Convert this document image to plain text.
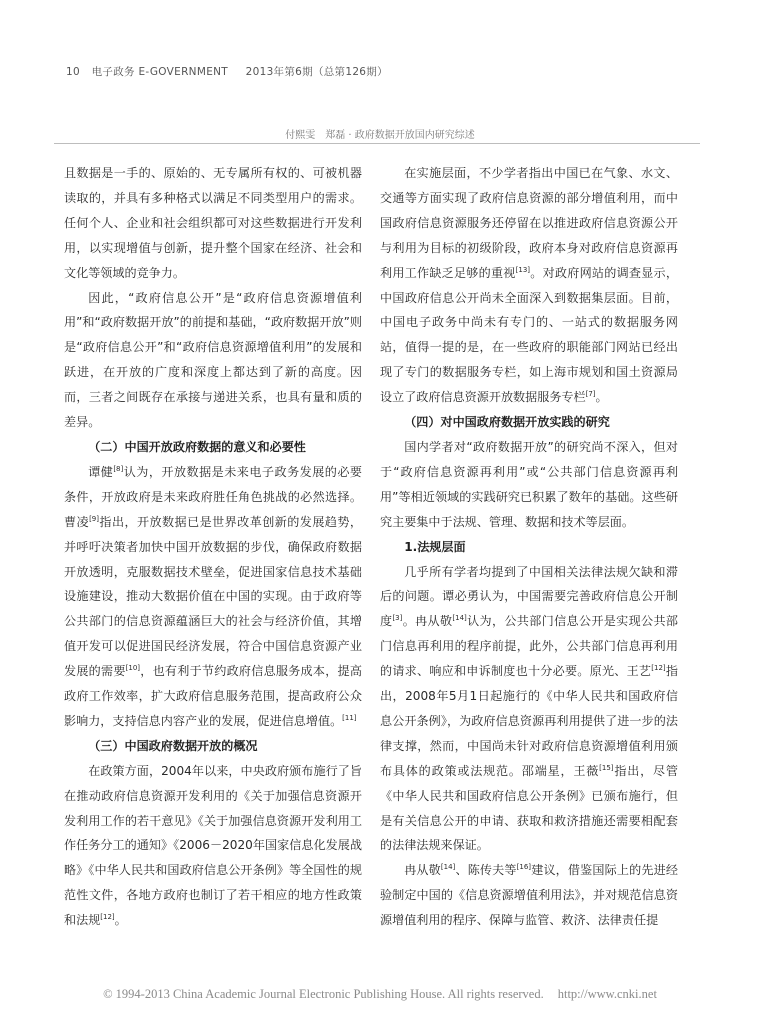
10 电子政务 E-GOVERNMENT 2013年第6期（总第126期）
付熙雯　郑磊 · 政府数据开放国内研究综述

且数据是一手的、原始的、无专属所有权的、可被机器读取的，并具有多种格式以满足不同类型用户的需求。任何个人、企业和社会组织都可对这些数据进行开发利用，以实现增值与创新，提升整个国家在经济、社会和文化等领域的竞争力。

因此，“政府信息公开”是“政府信息资源增值利用”和“政府数据开放”的前提和基础，“政府数据开放”则是“政府信息公开”和“政府信息资源增值利用”的发展和跃进，在开放的广度和深度上都达到了新的高度。因而，三者之间既存在承接与递进关系，也具有量和质的差异。

（二）中国开放政府数据的意义和必要性

谭健[8]认为，开放数据是未来电子政务发展的必要条件，开放政府是未来政府胜任角色挑战的必然选择。曹凌[9]指出，开放数据已是世界改革创新的发展趋势，并呼吁决策者加快中国开放数据的步伐，确保政府数据开放透明，克服数据技术壁垒，促进国家信息技术基础设施建设，推动大数据价值在中国的实现。由于政府等公共部门的信息资源蕴涵巨大的社会与经济价值，其增值开发可以促进国民经济发展，符合中国信息资源产业发展的需要[10]，也有利于节约政府信息服务成本，提高政府工作效率，扩大政府信息服务范围，提高政府公众影响力，支持信息内容产业的发展，促进信息增值。[11]

（三）中国政府数据开放的概况

在政策方面，2004年以来，中央政府颁布施行了旨在推动政府信息资源开发利用的《关于加强信息资源开发利用工作的若干意见》《关于加强信息资源开发利用工作任务分工的通知》《2006－2020年国家信息化发展战略》《中华人民共和国政府信息公开条例》等全国性的规范性文件，各地方政府也制订了若干相应的地方性政策和法规[12]。

在实施层面，不少学者指出中国已在气象、水文、交通等方面实现了政府信息资源的部分增值利用，而中国政府信息资源服务还停留在以推进政府信息资源公开与利用为目标的初级阶段，政府本身对政府信息资源再利用工作缺乏足够的重视[13]。对政府网站的调查显示，中国政府信息公开尚未全面深入到数据集层面。目前，中国电子政务中尚未有专门的、一站式的数据服务网站，值得一提的是，在一些政府的职能部门网站已经出现了专门的数据服务专栏，如上海市规划和国土资源局设立了政府信息资源开放数据服务专栏[7]。

（四）对中国政府数据开放实践的研究

国内学者对“政府数据开放”的研究尚不深入，但对于“政府信息资源再利用”或“公共部门信息资源再利用”等相近领域的实践研究已积累了数年的基础。这些研究主要集中于法规、管理、数据和技术等层面。

1.法规层面

几乎所有学者均提到了中国相关法律法规欠缺和滞后的问题。谭必勇认为，中国需要完善政府信息公开制度[3]。冉从敬[14]认为，公共部门信息公开是实现公共部门信息再利用的程序前提，此外，公共部门信息再利用的请求、响应和申诉制度也十分必要。原光、王艺[12]指出，2008年5月1日起施行的《中华人民共和国政府信息公开条例》，为政府信息资源再利用提供了进一步的法律支撑，然而，中国尚未针对政府信息资源增值利用颁布具体的政策或法规范。邵端星，王薇[15]指出，尽管《中华人民共和国政府信息公开条例》已颁布施行，但是有关信息公开的申请、获取和救济措施还需要相配套的法律法规来保证。

冉从敬[14]、陈传夫等[16]建议，借鉴国际上的先进经验制定中国的《信息资源增值利用法》，并对规范信息资源增值利用的程序、保障与监管、救济、法律责任提

© 1994-2013 China Academic Journal Electronic Publishing House. All rights reserved. http://www.cnki.net
